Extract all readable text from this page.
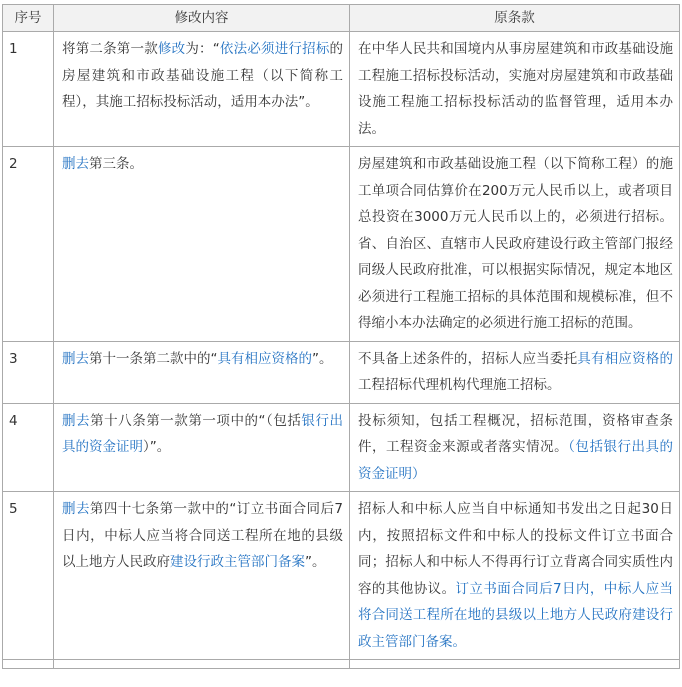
序号	修改内容	原条款
1	将第二条第一款修改为：“依法必须进行招标的房屋建筑和市政基础设施工程（以下简称工程），其施工招标投标活动，适用本办法”。	在中华人民共和国境内从事房屋建筑和市政基础设施工程施工招标投标活动，实施对房屋建筑和市政基础设施工程施工招标投标活动的监督管理，适用本办法。
2	删去第三条。	房屋建筑和市政基础设施工程（以下简称工程）的施工单项合同估算价在200万元人民币以上，或者项目总投资在3000万元人民币以上的，必须进行招标。省、自治区、直辖市人民政府建设行政主管部门报经同级人民政府批准，可以根据实际情况，规定本地区必须进行工程施工招标的具体范围和规模标准，但不得缩小本办法确定的必须进行施工招标的范围。
3	删去第十一条第二款中的“具有相应资格的”。	不具备上述条件的，招标人应当委托具有相应资格的工程招标代理机构代理施工招标。
4	删去第十八条第一款第一项中的“（包括银行出具的资金证明）”。	投标须知，包括工程概况，招标范围，资格审查条件，工程资金来源或者落实情况。（包括银行出具的资金证明）
5	删去第四十七条第一款中的“订立书面合同后7日内，中标人应当将合同送工程所在地的县级以上地方人民政府建设行政主管部门备案”。	招标人和中标人应当自中标通知书发出之日起30日内，按照招标文件和中标人的投标文件订立书面合同；招标人和中标人不得再行订立背离合同实质性内容的其他协议。订立书面合同后7日内，中标人应当将合同送工程所在地的县级以上地方人民政府建设行政主管部门备案。
